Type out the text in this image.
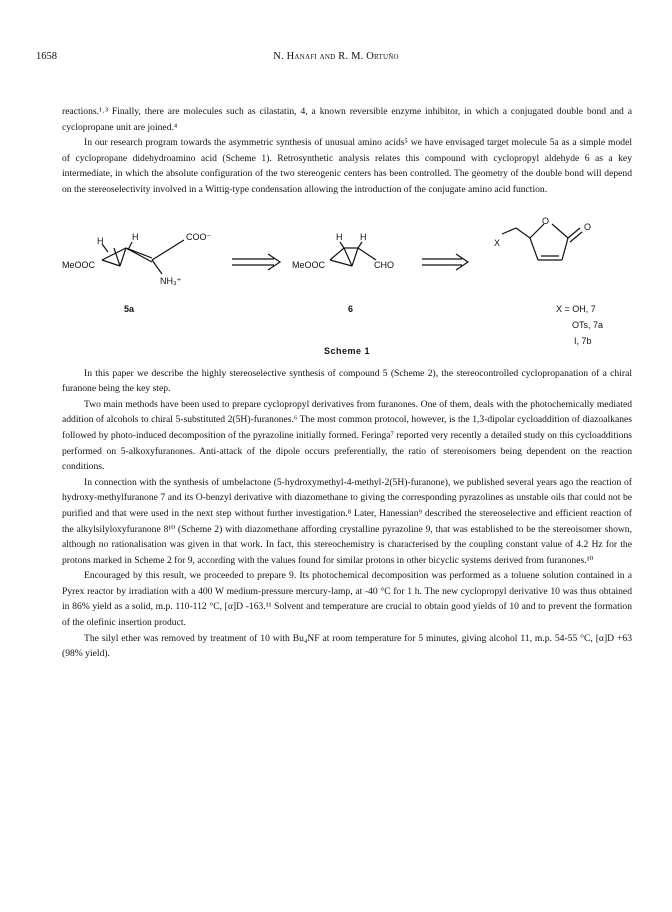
1658	N. Hanafi and R. M. Ortuño

reactions.¹˒³ Finally, there are molecules such as cilastatin, 4, a known reversible enzyme inhibitor, in which a conjugated double bond and a cyclopropane unit are joined.⁴

In our research program towards the asymmetric synthesis of unusual amino acids⁵ we have envisaged target molecule 5a as a simple model of cyclopropane didehydroamino acid (Scheme 1). Retrosynthetic analysis relates this compound with cyclopropyl aldehyde 6 as a key intermediate, in which the absolute configuration of the two stereogenic centers has been controlled. The geometry of the double bond will depend on the stereoselectivity involved in a Wittig-type condensation allowing the introduction of the conjugate amino acid function.

H	H
MeOOC
COO⁻
NH₃⁺
5a
H H
MeOOC	CHO
6
X
O
O
X = OH, 7
OTs, 7a
I, 7b
Scheme 1

In this paper we describe the highly stereoselective synthesis of compound 5 (Scheme 2), the stereocontrolled cyclopropanation of a chiral furanone being the key step.

Two main methods have been used to prepare cyclopropyl derivatives from furanones. One of them, deals with the photochemically mediated addition of alcohols to chiral 5-substituted 2(5H)-furanones.⁶ The most common protocol, however, is the 1,3-dipolar cycloaddition of diazoalkanes followed by photo-induced decomposition of the pyrazoline initially formed. Feringa⁷ reported very recently a detailed study on this cycloadditions performed on 5-alkoxyfuranones. Anti-attack of the dipole occurs preferentially, the ratio of stereoisomers being dependent on the reaction conditions.

In connection with the synthesis of umbelactone (5-hydroxymethyl-4-methyl-2(5H)-furanone), we published several years ago the reaction of hydroxy-methylfuranone 7 and its O-benzyl derivative with diazomethane to giving the corresponding pyrazolines as unstable oils that could not be purified and that were used in the next step without further investigation.⁸ Later, Hanessian⁹ described the stereoselective and efficient reaction of the alkylsilyloxyfuranone 8¹⁰ (Scheme 2) with diazomethane affording crystalline pyrazoline 9, that was established to be the stereoisomer shown, although no rationalisation was given in that work. In fact, this stereochemistry is characterised by the coupling constant value of 4.2 Hz for the protons marked in Scheme 2 for 9, according with the values found for similar protons in other bicyclic systems derived from furanones.¹⁰

Encouraged by this result, we proceeded to prepare 9. Its photochemical decomposition was performed as a toluene solution contained in a Pyrex reactor by irradiation with a 400 W medium-pressure mercury-lamp, at -40 °C for 1 h. The new cyclopropyl derivative 10 was thus obtained in 86% yield as a solid, m.p. 110-112 °C, [α]D -163.¹¹ Solvent and temperature are crucial to obtain good yields of 10 and to prevent the formation of the olefinic insertion product.

The silyl ether was removed by treatment of 10 with Bu₄NF at room temperature for 5 minutes, giving alcohol 11, m.p. 54-55 °C, [α]D +63 (98% yield).
